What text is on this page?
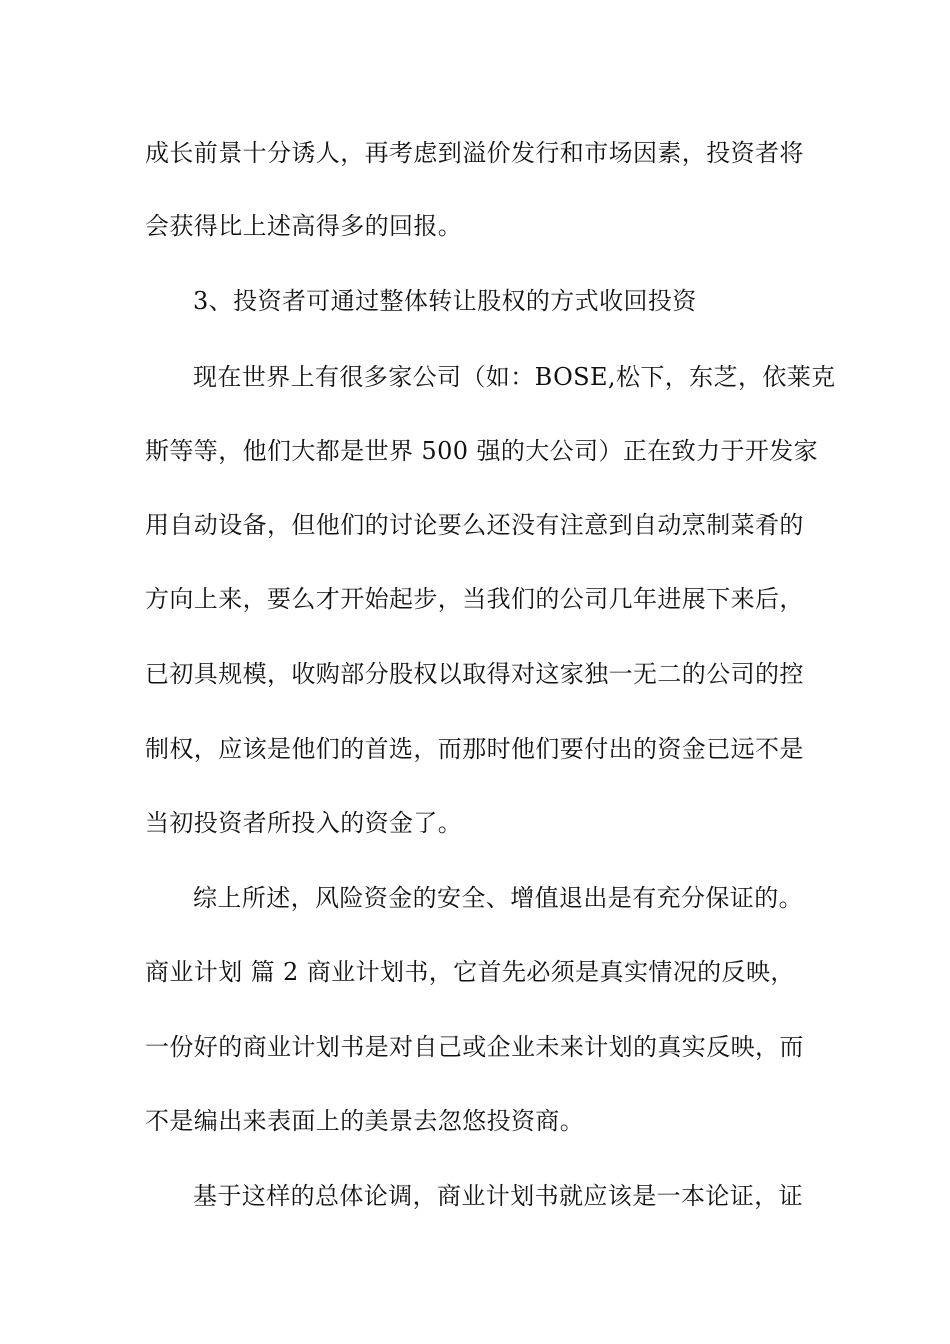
成长前景十分诱人，再考虑到溢价发行和市场因素，投资者将
会获得比上述高得多的回报。
3、投资者可通过整体转让股权的方式收回投资
现在世界上有很多家公司（如：BOSE,松下，东芝，依莱克
斯等等，他们大都是世界 500 强的大公司）正在致力于开发家
用自动设备，但他们的讨论要么还没有注意到自动烹制菜肴的
方向上来，要么才开始起步，当我们的公司几年进展下来后，
已初具规模，收购部分股权以取得对这家独一无二的公司的控
制权，应该是他们的首选，而那时他们要付出的资金已远不是
当初投资者所投入的资金了。
综上所述，风险资金的安全、增值退出是有充分保证的。
商业计划 篇 2 商业计划书，它首先必须是真实情况的反映，
一份好的商业计划书是对自己或企业未来计划的真实反映，而
不是编出来表面上的美景去忽悠投资商。
基于这样的总体论调，商业计划书就应该是一本论证，证
